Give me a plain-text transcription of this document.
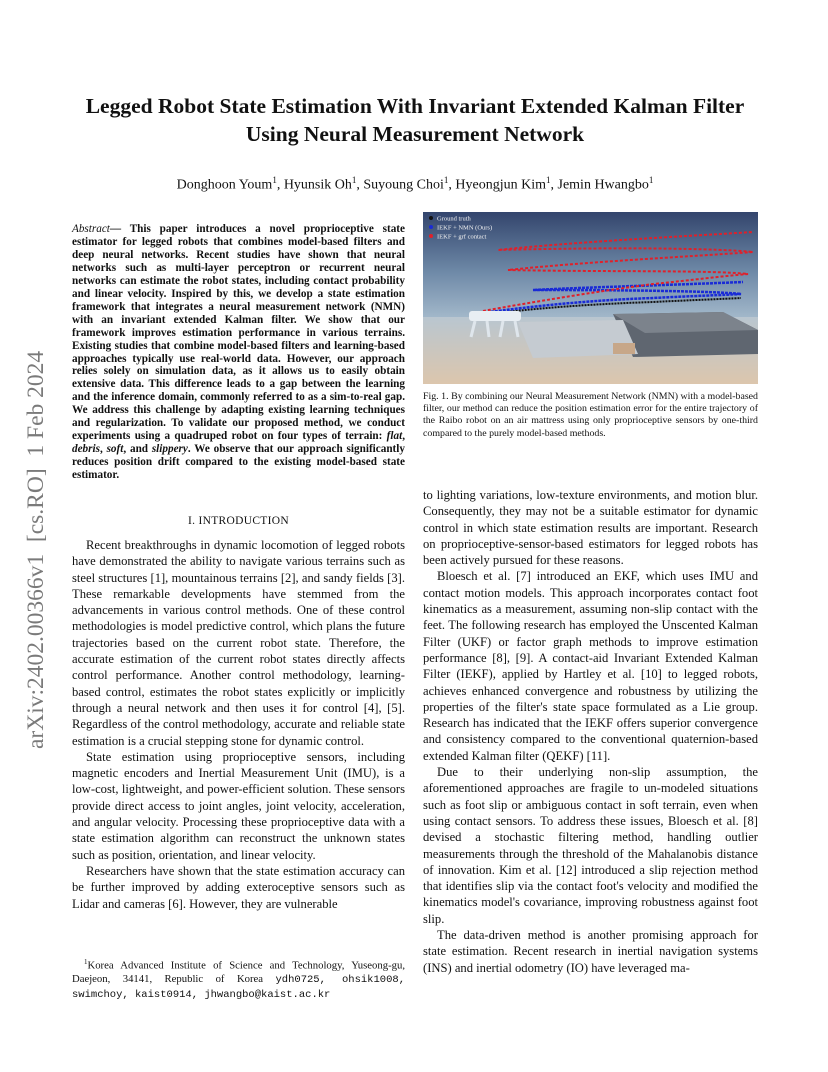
arXiv:2402.00366v1  [cs.RO]  1 Feb 2024
Legged Robot State Estimation With Invariant Extended Kalman Filter
Using Neural Measurement Network
Donghoon Youm$^1$, Hyunsik Oh$^1$, Suyoung Choi$^1$, Hyeongjun Kim$^1$, Jemin Hwangbo$^1$
Abstract— This paper introduces a novel proprioceptive state estimator for legged robots that combines model-based filters and deep neural networks. Recent studies have shown that neural networks such as multi-layer perceptron or recurrent neural networks can estimate the robot states, including contact probability and linear velocity. Inspired by this, we develop a state estimation framework that integrates a neural measurement network (NMN) with an invariant extended Kalman filter. We show that our framework improves estimation performance in various terrains. Existing studies that combine model-based filters and learning-based approaches typically use real-world data. However, our approach relies solely on simulation data, as it allows us to easily obtain extensive data. This difference leads to a gap between the learning and the inference domain, commonly referred to as a sim-to-real gap. We address this challenge by adapting existing learning techniques and regularization. To validate our proposed method, we conduct experiments using a quadruped robot on four types of terrain: flat, debris, soft, and slippery. We observe that our approach significantly reduces position drift compared to the existing model-based state estimator.
I. INTRODUCTION

Recent breakthroughs in dynamic locomotion of legged robots have demonstrated the ability to navigate various terrains such as steel structures [1], mountainous terrains [2], and sandy fields [3]. These remarkable developments have stemmed from the advancements in various control methods. One of these control methodologies is model predictive control, which plans the future trajectories based on the current robot state. Therefore, the accurate estimation of the current robot states directly affects control performance. Another control methodology, learning-based control, estimates the robot states explicitly or implicitly through a neural network and then uses it for control [4], [5]. Regardless of the control methodology, accurate and reliable state estimation is a crucial stepping stone for dynamic control.

State estimation using proprioceptive sensors, including magnetic encoders and Inertial Measurement Unit (IMU), is a low-cost, lightweight, and power-efficient solution. These sensors provide direct access to joint angles, joint velocity, acceleration, and angular velocity. Processing these proprioceptive data with a state estimation algorithm can reconstruct the unknown states such as position, orientation, and linear velocity.

Researchers have shown that the state estimation accuracy can be further improved by adding exteroceptive sensors such as Lidar and cameras [6]. However, they are vulnerable

$^1$Korea Advanced Institute of Science and Technology, Yuseong-gu, Daejeon, 34141, Republic of Korea ydh0725, ohsik1008, swimchoy, kaist0914, jhwangbo@kaist.ac.kr
Ground truth
IEKF + NMN (Ours)
IEKF + grf contact
Fig. 1. By combining our Neural Measurement Network (NMN) with a model-based filter, our method can reduce the position estimation error for the entire trajectory of the Raibo robot on an air mattress using only proprioceptive sensors by one-third compared to the purely model-based methods.

to lighting variations, low-texture environments, and motion blur. Consequently, they may not be a suitable estimator for dynamic control in which state estimation results are important. Research on proprioceptive-sensor-based estimators for legged robots has been actively pursued for these reasons.

Bloesch et al. [7] introduced an EKF, which uses IMU and contact motion models. This approach incorporates contact foot kinematics as a measurement, assuming non-slip contact with the feet. The following research has employed the Unscented Kalman Filter (UKF) or factor graph methods to improve estimation performance [8], [9]. A contact-aid Invariant Extended Kalman Filter (IEKF), applied by Hartley et al. [10] to legged robots, achieves enhanced convergence and robustness by utilizing the properties of the filter's state space formulated as a Lie group. Research has indicated that the IEKF offers superior convergence and consistency compared to the conventional quaternion-based extended Kalman filter (QEKF) [11].

Due to their underlying non-slip assumption, the aforementioned approaches are fragile to un-modeled situations such as foot slip or ambiguous contact in soft terrain, even when using contact sensors. To address these issues, Bloesch et al. [8] devised a stochastic filtering method, handling outlier measurements through the threshold of the Mahalanobis distance of innovation. Kim et al. [12] introduced a slip rejection method that identifies slip via the contact foot's velocity and modified the kinematics model's covariance, improving robustness against foot slip.

The data-driven method is another promising approach for state estimation. Recent research in inertial navigation systems (INS) and inertial odometry (IO) have leveraged ma-
